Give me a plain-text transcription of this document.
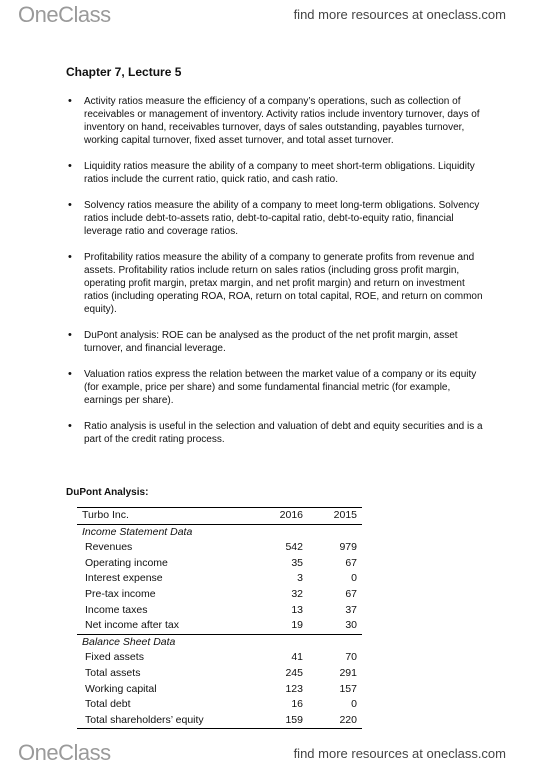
OneClass	find more resources at oneclass.com
Chapter 7, Lecture 5
• Activity ratios measure the efficiency of a company’s operations, such as collection of receivables or management of inventory. Activity ratios include inventory turnover, days of inventory on hand, receivables turnover, days of sales outstanding, payables turnover, working capital turnover, fixed asset turnover, and total asset turnover.
• Liquidity ratios measure the ability of a company to meet short-term obligations. Liquidity ratios include the current ratio, quick ratio, and cash ratio.
• Solvency ratios measure the ability of a company to meet long-term obligations. Solvency ratios include debt-to-assets ratio, debt-to-capital ratio, debt-to-equity ratio, financial leverage ratio and coverage ratios.
• Profitability ratios measure the ability of a company to generate profits from revenue and assets. Profitability ratios include return on sales ratios (including gross profit margin, operating profit margin, pretax margin, and net profit margin) and return on investment ratios (including operating ROA, ROA, return on total capital, ROE, and return on common equity).
• DuPont analysis: ROE can be analysed as the product of the net profit margin, asset turnover, and financial leverage.
• Valuation ratios express the relation between the market value of a company or its equity (for example, price per share) and some fundamental financial metric (for example, earnings per share).
• Ratio analysis is useful in the selection and valuation of debt and equity securities and is a part of the credit rating process.
DuPont Analysis:
Turbo Inc.	2016	2015
Income Statement Data		
Revenues	542	979
Operating income	35	67
Interest expense	3	0
Pre-tax income	32	67
Income taxes	13	37
Net income after tax	19	30
Balance Sheet Data		
Fixed assets	41	70
Total assets	245	291
Working capital	123	157
Total debt	16	0
Total shareholders’ equity	159	220
OneClass	find more resources at oneclass.com
